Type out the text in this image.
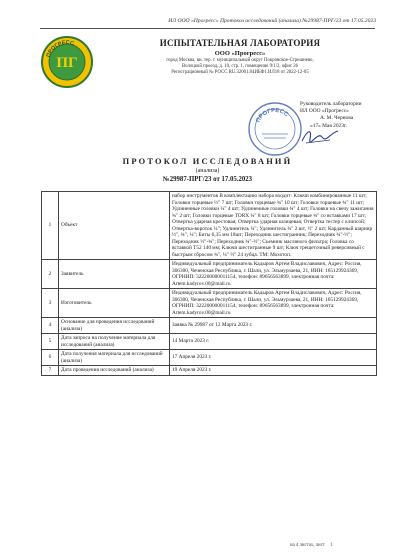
ИЛ ООО «Прогресс» Протокол исследований (анализа) №29987-ПРГ/23 от 17.05.2023
ПРОГРЕСС
ПГ
ИСПЫТАТЕЛЬНАЯ ЛАБОРАТОРИЯ
ООО «Прогресс»
город Москва, вн. тер. г. муниципальный округ Покровское-Стрешнево,
Волоцкой проезд, д. 10, стр. 1, помещение 9/1/2, офис 26
Регистрационный № РОСС RU.32001.04ИБФ1.ИЛ18 от 2022-12-05
ПРОГРЕСС
Руководитель лаборатории
ИЛ ООО «Прогресс»
А. М. Чернова
«17» Мая 2023г.
ПРОТОКОЛ ИССЛЕДОВАНИЙ
(анализа)
№29987-ПРГ/23 от 17.05.2023
1	Объект	набор инструментов В комплектацию набора входит: Ключи комбинированные 11 шт; Головки торцевые ½" 7 шт; Головки торцевые ¾" 10 шт; Головки торцевые ¾" 11 шт; Удлиненные головки ¼" 4 шт; Удлиненные головки ¾" 4 шт; Головки на свечу зажигания ¾" 2 шт; Головки торцевые TORX ¾" 8 шт; Головки торцевые ¾" со вставками 17 шт; Отвертка ударная крестовая; Отвертка ударная шлицевая; Отвертка тестер с клипсой; Отвертка-вороток ¼"; Удлинитель ¼"; Удлинитель ¾" 2 шт, ½" 2 шт; Карданный шарнир ½", ¾", ¼"; Биты 6,35 мм 18шт; Переходник шестигранник; Переходник ¾"-½"; Переходник ½"-¾"; Переходник ¾"-½"; Съемник масляного фильтра; Головка со вставкой Т52 140 мм; Ключи шестигранные 9 шт; Ключ трещеточный реверсивный с быстрым сбросом ¾", ¼" ½" 24 зубца. ТМ: Мохотоп.
2	Заявитель	Индивидуальный предприниматель Кадыров Артем Владиславович, Адрес: Россия, 366300, Чеченская Республика, г. Шали, ул. Эльмурзаева, 21, ИНН: 165129924369, ОГРНИП: 322200000011154, телефон: 89656563899, электронная почта: Artem.kadyrov.00@mail.ru
3	Изготовитель	Индивидуальный предприниматель Кадыров Артем Владиславович, Адрес: Россия, 366300, Чеченская Республика, г. Шали, ул. Эльмурзаева, 21, ИНН: 165129924369, ОГРНИП: 322200000011154, телефон: 89656563899, электронная почта: Artem.kadyrov.00@mail.ru
4	Основание для проведения исследований (анализа)	Заявка № 29987 от 12 Марта 2023 г.
5	Дата запроса на получение материала для исследований (анализа)	14 Марта 2023 г.
6	Дата получения материала для исследований (анализа)	17 Апреля 2023 г.
7	Дата проведения исследований (анализа)	19 Апреля 2023 г.
на 4 листах, лист 1
